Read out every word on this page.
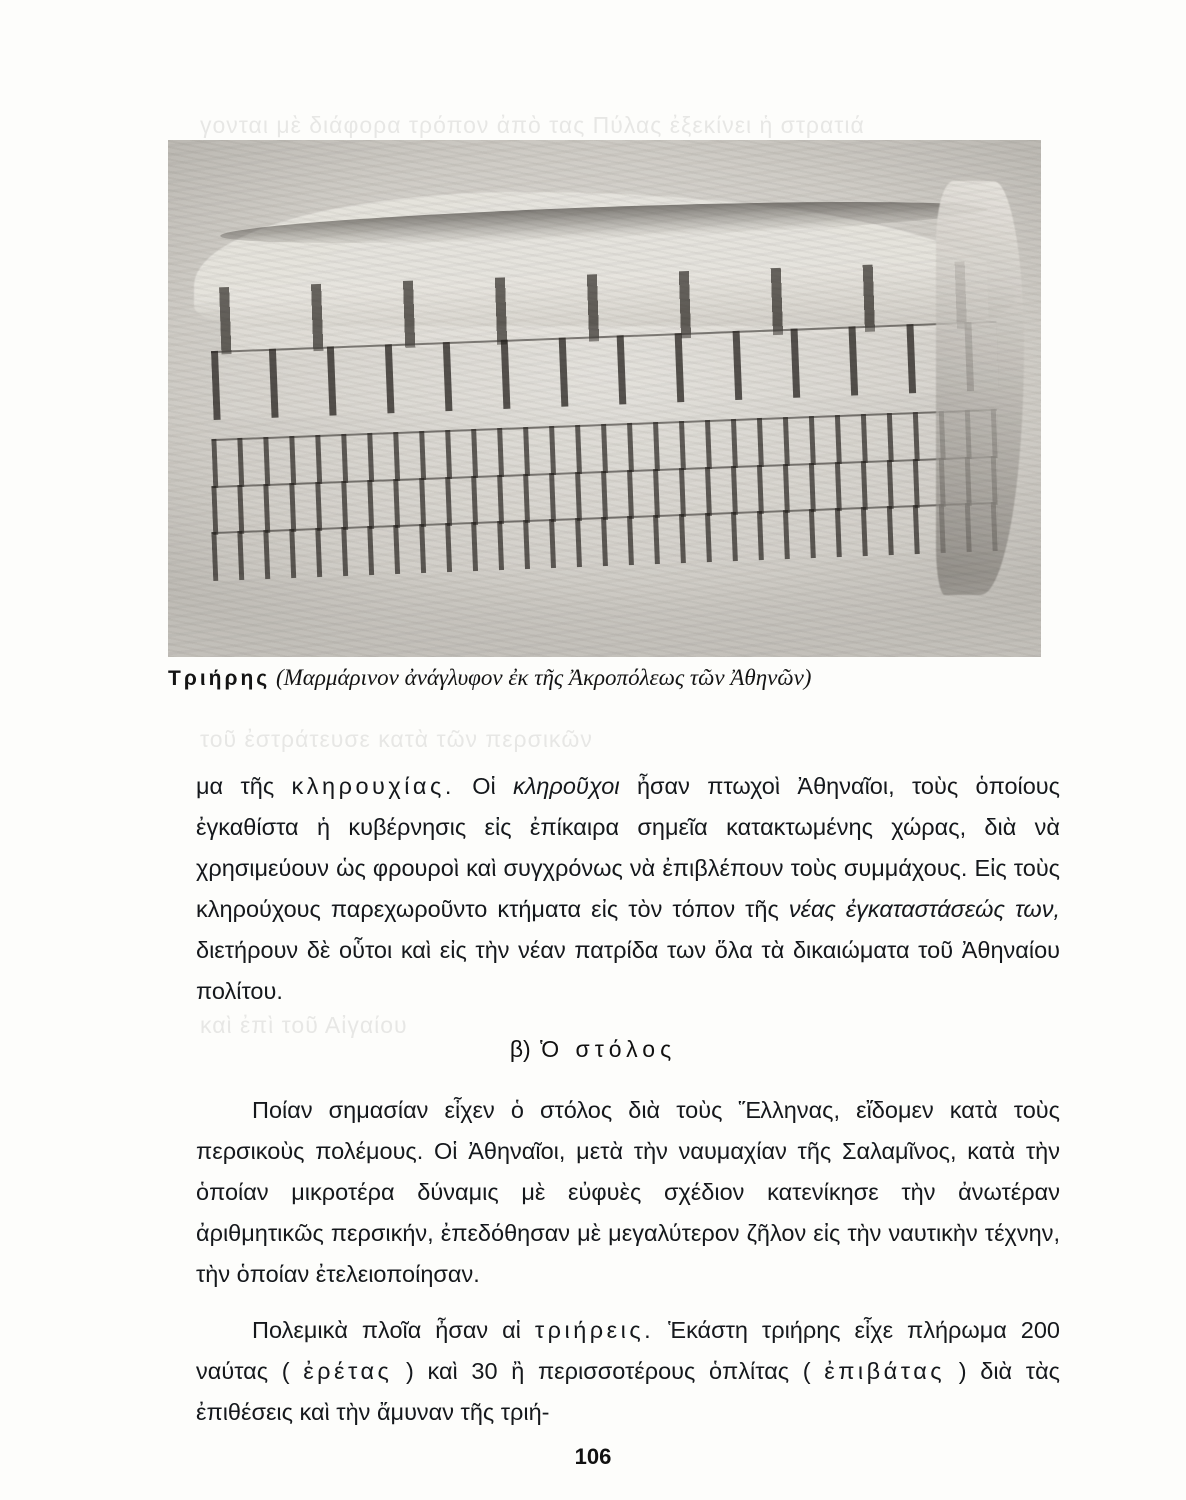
γονται μὲ διάφορα τρόπον ἀπὸ τας Πύλας ἐξεκίνει ἡ στρατιά
τοῦ ἐστράτευσε κατὰ τῶν περσικῶν
καὶ ἐπὶ τοῦ Αἰγαίου
Τριήρης (Μαρμάρινον ἀνάγλυφον ἐκ τῆς Ἀκροπόλεως τῶν Ἀθηνῶν)
μα τῆς κληρουχίας. Οἱ κληροῦχοι ἦσαν πτωχοὶ Ἀθηναῖοι, τοὺς ὁποίους ἐγκαθίστα ἡ κυβέρνησις εἰς ἐπίκαιρα σημεῖα κατακτωμένης χώρας, διὰ νὰ χρησιμεύουν ὡς φρουροὶ καὶ συγχρόνως νὰ ἐπιβλέπουν τοὺς συμμάχους. Εἰς τοὺς κληρούχους παρεχωροῦντο κτήματα εἰς τὸν τόπον τῆς νέας ἐγκαταστάσεώς των, διετήρουν δὲ οὗτοι καὶ εἰς τὴν νέαν πατρίδα των ὅλα τὰ δικαιώματα τοῦ Ἀθηναίου πολίτου.
β) Ὁ στόλος
Ποίαν σημασίαν εἶχεν ὁ στόλος διὰ τοὺς Ἕλληνας, εἴδομεν κατὰ τοὺς περσικοὺς πολέμους. Οἱ Ἀθηναῖοι, μετὰ τὴν ναυμαχίαν τῆς Σαλαμῖνος, κατὰ τὴν ὁποίαν μικροτέρα δύναμις μὲ εὐφυὲς σχέδιον κατενίκησε τὴν ἀνωτέραν ἀριθμητικῶς περσικήν, ἐπεδόθησαν μὲ μεγαλύτερον ζῆλον εἰς τὴν ναυτικὴν τέχνην, τὴν ὁποίαν ἐτελειοποίησαν.
Πολεμικὰ πλοῖα ἦσαν αἱ τριήρεις. Ἑκάστη τριήρης εἶχε πλήρωμα 200 ναύτας ( ἐρέτας ) καὶ 30 ἢ περισσοτέρους ὁπλίτας ( ἐπιβάτας ) διὰ τὰς ἐπιθέσεις καὶ τὴν ἄμυναν τῆς τριή-
106
